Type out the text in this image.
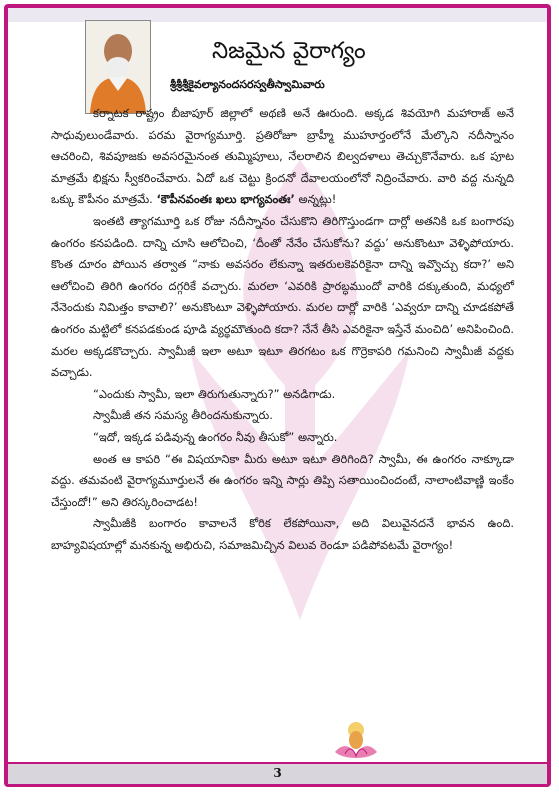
నిజమైన వైరాగ్యం
శ్రీశ్రీశ్రీకైవల్యానందసరస్వతీస్వామివారు

కర్నాటక రాష్ట్రం బీజాపూర్ జిల్లాలో అథణి అనే ఊరుంది. అక్కడ శివయోగి మహారాజ్ అనే సాధువులుండేవారు. పరమ వైరాగ్యమూర్తి. ప్రతిరోజూ బ్రాహ్మీ ముహూర్తంలోనే మేల్కొని నదీస్నానం ఆచరించి, శివపూజకు అవసరమైనంత తుమ్మిపూలు, నేలరాలిన బిల్వదళాలు తెచ్చుకొనేవారు. ఒక పూట మాత్రమే భిక్షను స్వీకరించేవారు. ఏదో ఒక చెట్టు క్రిందనో దేవాలయంలోనో నిద్రించేవారు. వారి వద్ద నున్నది ఒక్కు కౌపీనం మాత్రమే. ‘కౌపీనవంతః ఖలు భాగ్యవంతః’ అన్నట్లు!

ఇంతటి త్యాగమూర్తి ఒక రోజు నదీస్నానం చేసుకొని తిరిగొస్తుండగా దార్లో అతనికి ఒక బంగారపు ఉంగరం కనపడింది. దాన్ని చూసి ఆలోచించి, ‘దీంతో నేనేం చేసుకోను? వద్దు’ అనుకొంటూ వెళ్ళిపోయారు. కొంత దూరం పోయిన తర్వాత “నాకు అవసరం లేకున్నా ఇతరులకెవరికైనా దాన్ని ఇవ్వొచ్చు కదా?’ అని ఆలోచించి తిరిగి ఉంగరం దగ్గరికే వచ్చారు. మరలా ‘ఎవరికి ప్రారబ్ధముందో వారికి దక్కుతుంది, మధ్యలో నేనెందుకు నిమిత్తం కావాలి?’ అనుకొంటూ వెళ్ళిపోయారు. మరల దార్లో వారికి ‘ఎవ్వరూ దాన్ని చూడకపోతే ఉంగరం మట్టిలో కనపడకుండ పూడి వ్యర్థమౌతుంది కదా? నేనే తీసి ఎవరికైనా ఇస్తేనే మంచిది’ అనిపించింది. మరల అక్కడకొచ్చారు. స్వామీజీ ఇలా అటూ ఇటూ తిరగటం ఒక గొర్రెకాపరి గమనించి స్వామీజీ వద్దకు వచ్చాడు.

“ఎందుకు స్వామీ, ఇలా తిరుగుతున్నారు?” అనడిగాడు.

స్వామీజీ తన సమస్య తీరిందనుకున్నారు.

“ఇదో, ఇక్కడ పడివున్న ఉంగరం నీవు తీసుకో” అన్నారు.

అంత ఆ కాపరి “ఈ విషయానికా మీరు అటూ ఇటూ తిరిగింది? స్వామీ, ఈ ఉంగరం నాక్కూడా వద్దు. తమవంటి వైరాగ్యమూర్తులనే ఈ ఉంగరం ఇన్ని సార్లు తిప్పి సతాయించిందంటే, నాలాంటివాణ్ణి ఇంకేం చేస్తుందో!” అని తిరస్కరించాడట!

స్వామీజీకి బంగారం కావాలనే కోరిక లేకపోయినా, అది విలువైనదనే భావన ఉంది. బాహ్యవిషయాల్లో మనకున్న అభిరుచి, సమాజమిచ్చిన విలువ రెండూ పడిపోవటమే వైరాగ్యం!

3
